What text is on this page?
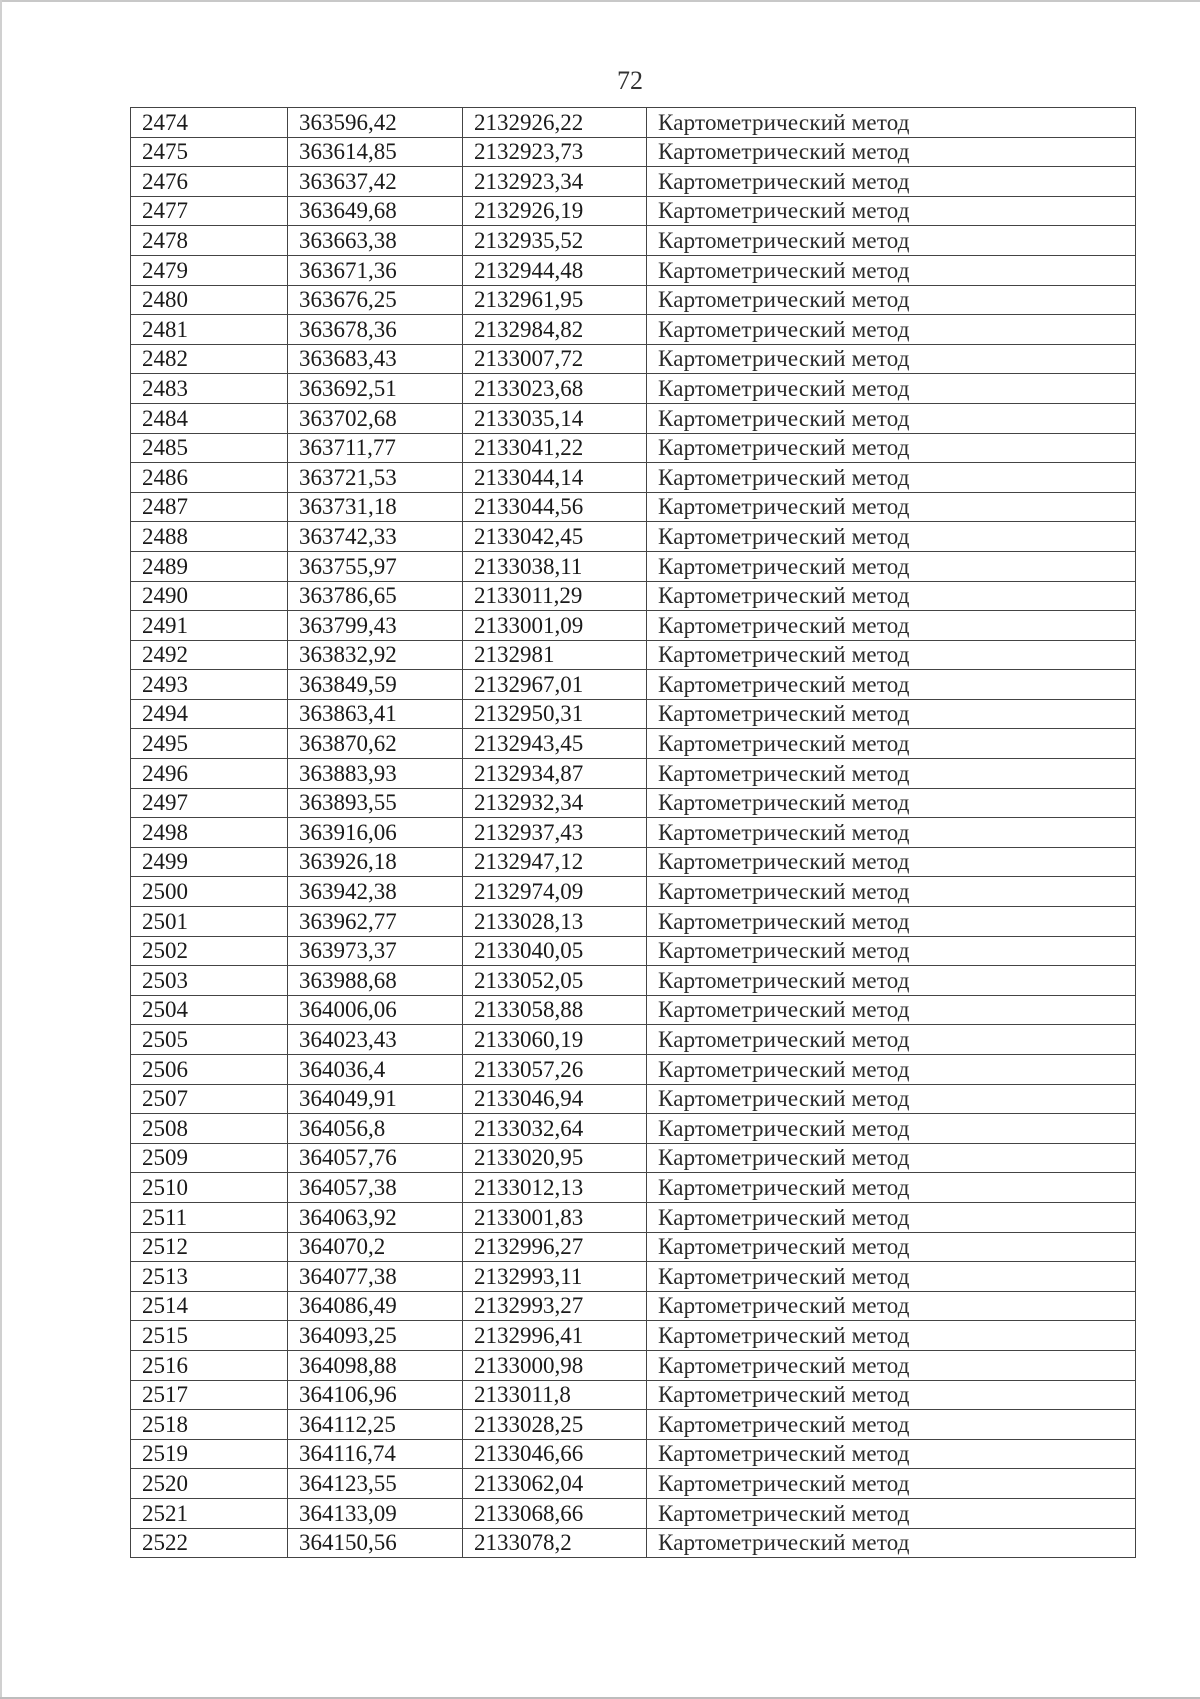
72
2474	363596,42	2132926,22	Картометрический метод
2475	363614,85	2132923,73	Картометрический метод
2476	363637,42	2132923,34	Картометрический метод
2477	363649,68	2132926,19	Картометрический метод
2478	363663,38	2132935,52	Картометрический метод
2479	363671,36	2132944,48	Картометрический метод
2480	363676,25	2132961,95	Картометрический метод
2481	363678,36	2132984,82	Картометрический метод
2482	363683,43	2133007,72	Картометрический метод
2483	363692,51	2133023,68	Картометрический метод
2484	363702,68	2133035,14	Картометрический метод
2485	363711,77	2133041,22	Картометрический метод
2486	363721,53	2133044,14	Картометрический метод
2487	363731,18	2133044,56	Картометрический метод
2488	363742,33	2133042,45	Картометрический метод
2489	363755,97	2133038,11	Картометрический метод
2490	363786,65	2133011,29	Картометрический метод
2491	363799,43	2133001,09	Картометрический метод
2492	363832,92	2132981	Картометрический метод
2493	363849,59	2132967,01	Картометрический метод
2494	363863,41	2132950,31	Картометрический метод
2495	363870,62	2132943,45	Картометрический метод
2496	363883,93	2132934,87	Картометрический метод
2497	363893,55	2132932,34	Картометрический метод
2498	363916,06	2132937,43	Картометрический метод
2499	363926,18	2132947,12	Картометрический метод
2500	363942,38	2132974,09	Картометрический метод
2501	363962,77	2133028,13	Картометрический метод
2502	363973,37	2133040,05	Картометрический метод
2503	363988,68	2133052,05	Картометрический метод
2504	364006,06	2133058,88	Картометрический метод
2505	364023,43	2133060,19	Картометрический метод
2506	364036,4	2133057,26	Картометрический метод
2507	364049,91	2133046,94	Картометрический метод
2508	364056,8	2133032,64	Картометрический метод
2509	364057,76	2133020,95	Картометрический метод
2510	364057,38	2133012,13	Картометрический метод
2511	364063,92	2133001,83	Картометрический метод
2512	364070,2	2132996,27	Картометрический метод
2513	364077,38	2132993,11	Картометрический метод
2514	364086,49	2132993,27	Картометрический метод
2515	364093,25	2132996,41	Картометрический метод
2516	364098,88	2133000,98	Картометрический метод
2517	364106,96	2133011,8	Картометрический метод
2518	364112,25	2133028,25	Картометрический метод
2519	364116,74	2133046,66	Картометрический метод
2520	364123,55	2133062,04	Картометрический метод
2521	364133,09	2133068,66	Картометрический метод
2522	364150,56	2133078,2	Картометрический метод
